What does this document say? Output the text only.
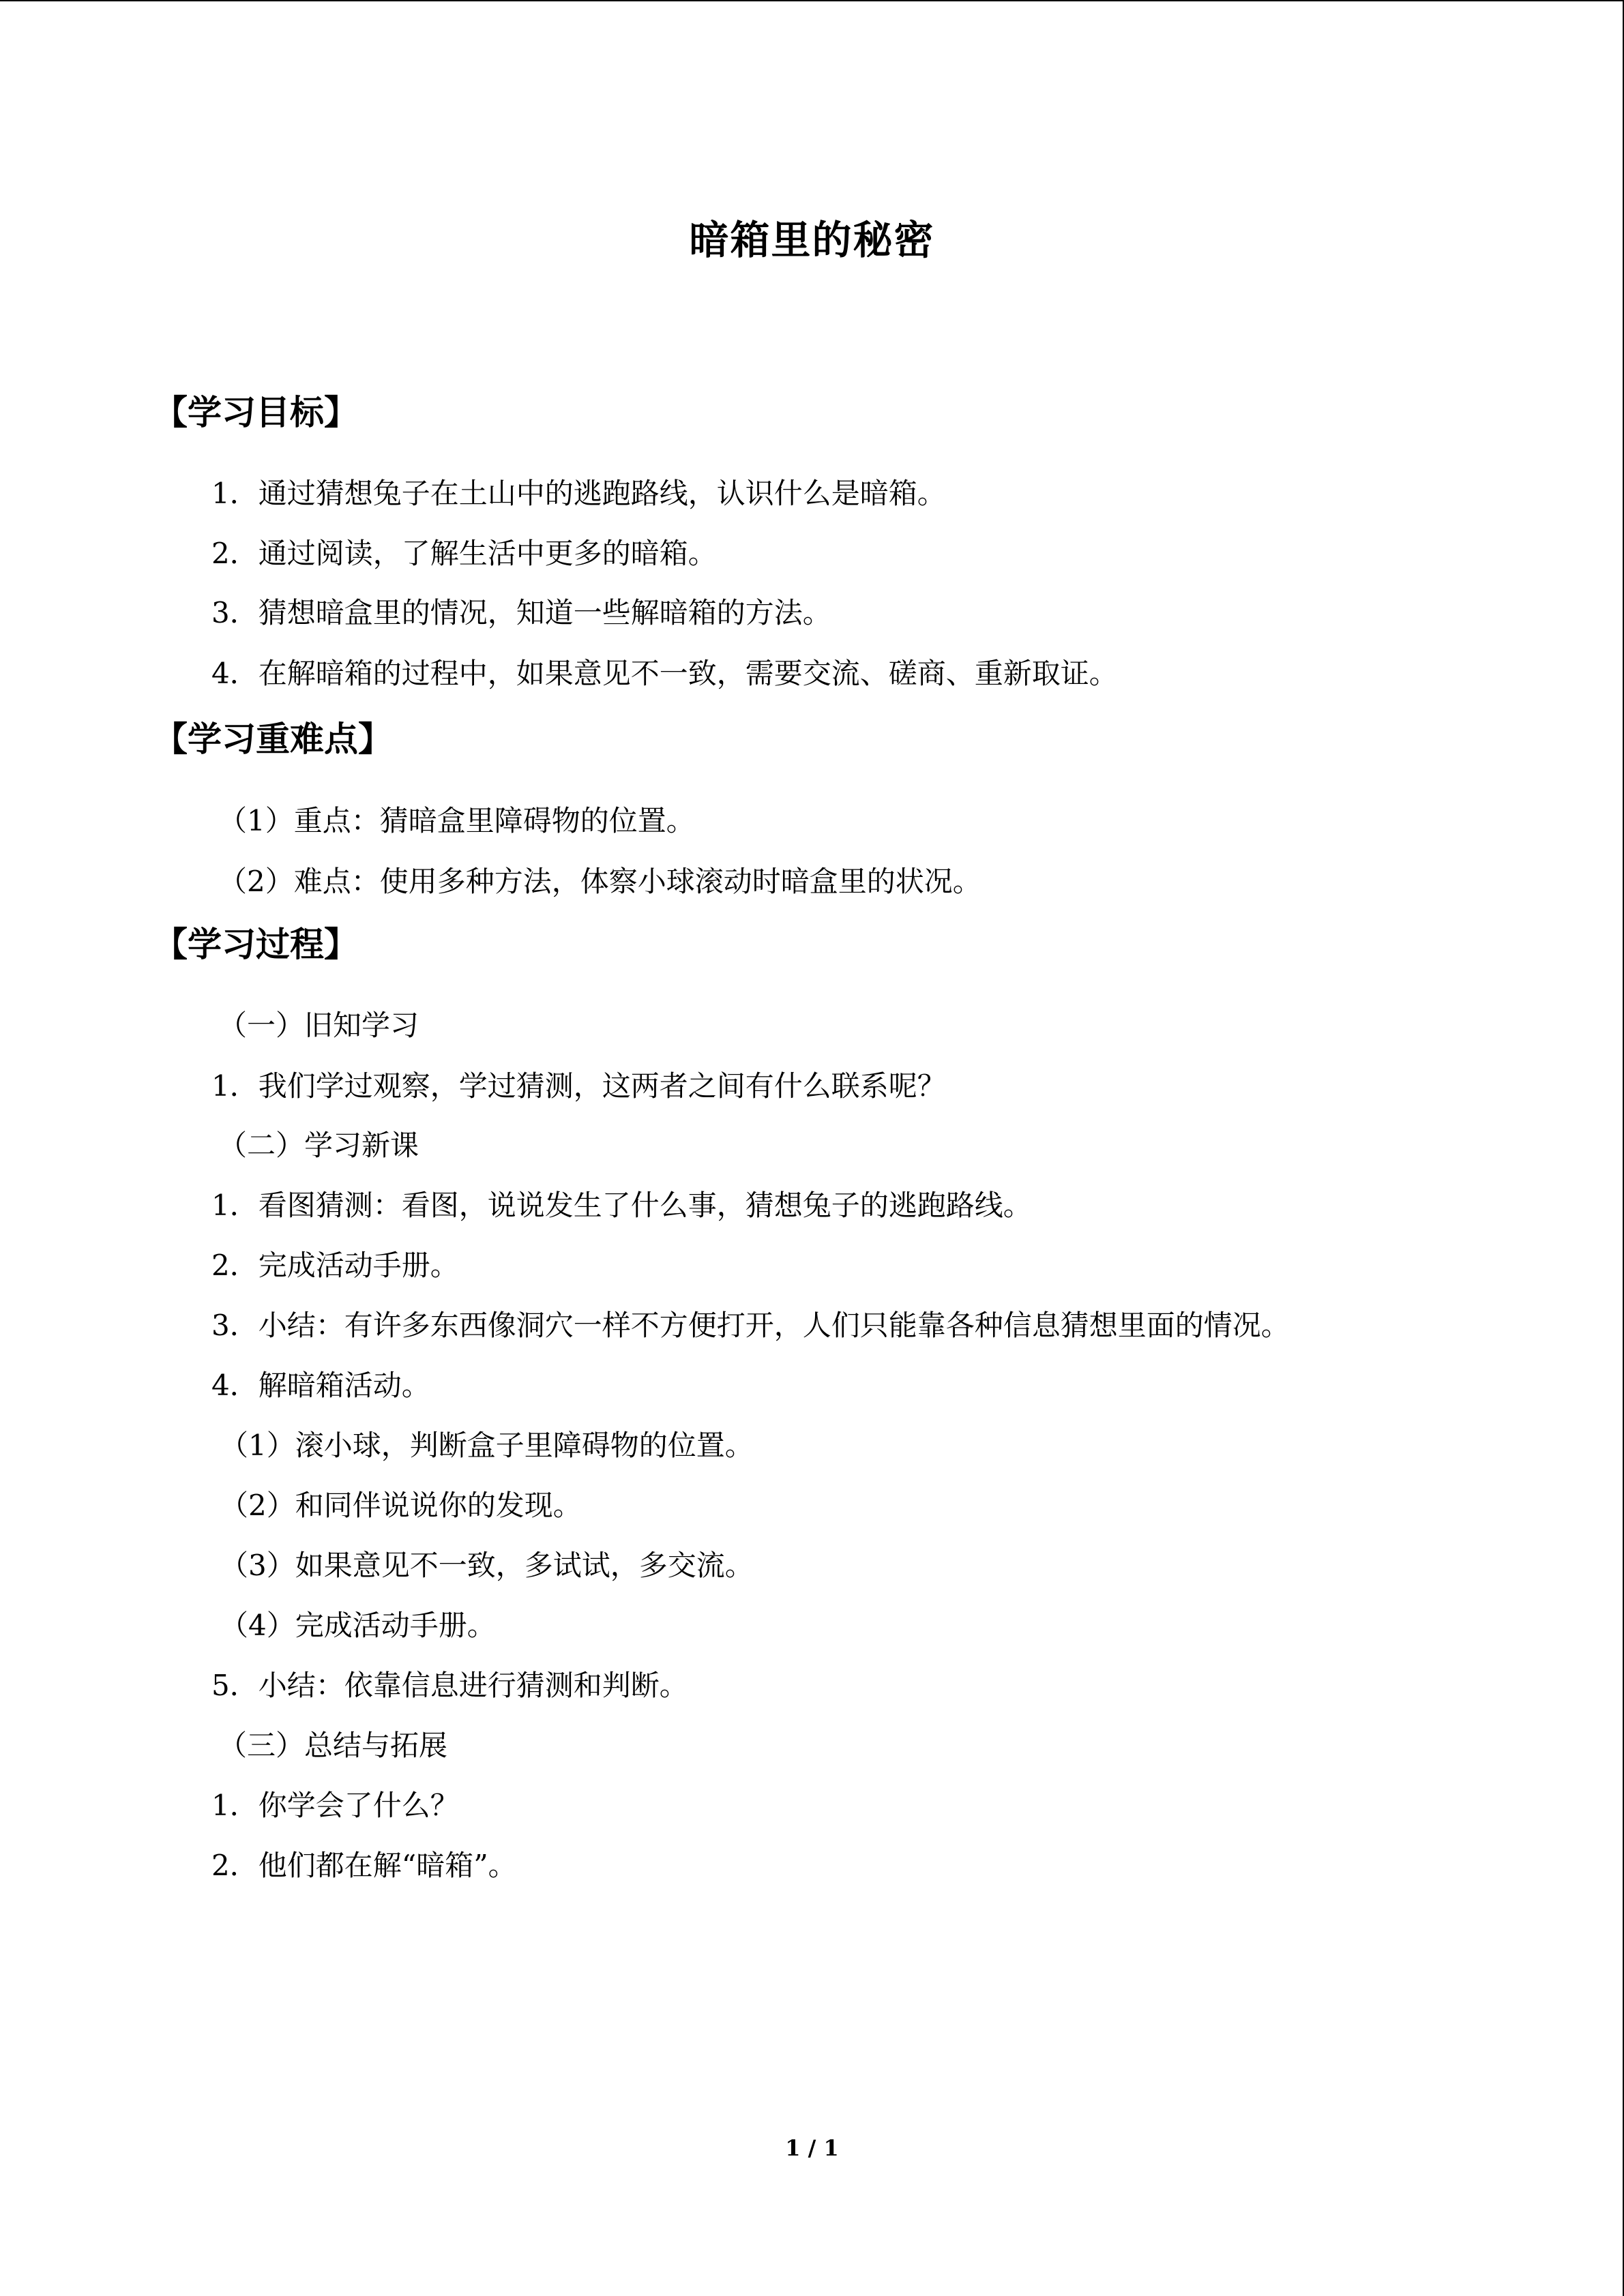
暗箱里的秘密
【学习目标】
1．通过猜想兔子在土山中的逃跑路线，认识什么是暗箱。
2．通过阅读，了解生活中更多的暗箱。
3．猜想暗盒里的情况，知道一些解暗箱的方法。
4．在解暗箱的过程中，如果意见不一致，需要交流、磋商、重新取证。
【学习重难点】
（1）重点：猜暗盒里障碍物的位置。
（2）难点：使用多种方法，体察小球滚动时暗盒里的状况。
【学习过程】
（一）旧知学习
1．我们学过观察，学过猜测，这两者之间有什么联系呢？
（二）学习新课
1．看图猜测：看图，说说发生了什么事，猜想兔子的逃跑路线。
2．完成活动手册。
3．小结：有许多东西像洞穴一样不方便打开，人们只能靠各种信息猜想里面的情况。
4．解暗箱活动。
（1）滚小球，判断盒子里障碍物的位置。
（2）和同伴说说你的发现。
（3）如果意见不一致，多试试，多交流。
（4）完成活动手册。
5．小结：依靠信息进行猜测和判断。
（三）总结与拓展
1．你学会了什么？
2．他们都在解“暗箱”。
1 / 1
